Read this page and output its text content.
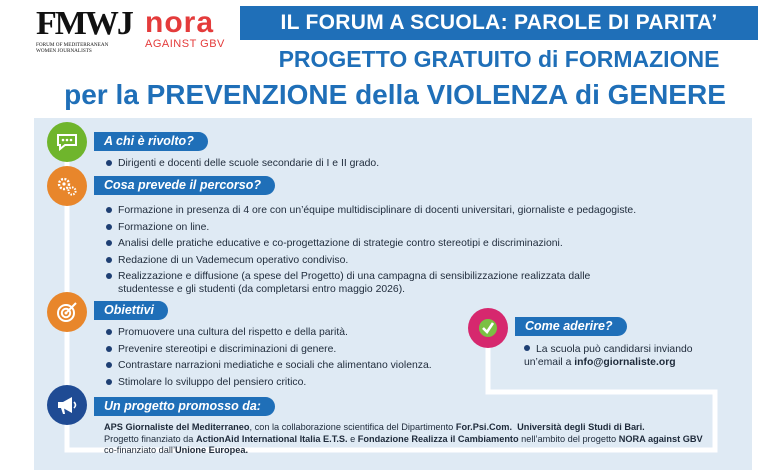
FMWJ
FORUM OF MEDITERRANEAN WOMEN JOURNALISTS
nora
AGAINST GBV
IL FORUM A SCUOLA: PAROLE DI PARITA’
PROGETTO GRATUITO di FORMAZIONE
per la PREVENZIONE della VIOLENZA di GENERE
A chi è rivolto?
Dirigenti e docenti delle scuole secondarie di I e II grado.
Cosa prevede il percorso?
Formazione in presenza di 4 ore con un’équipe multidisciplinare di docenti universitari, giornaliste e pedagogiste.
Formazione on line.
Analisi delle pratiche educative e co-progettazione di strategie contro stereotipi e discriminazioni.
Redazione di un Vademecum operativo condiviso.
Realizzazione e diffusione (a spese del Progetto) di una campagna di sensibilizzazione realizzata dalle studentesse e gli studenti (da completarsi entro maggio 2026).
Obiettivi
Promuovere una cultura del rispetto e della parità.
Prevenire stereotipi e discriminazioni di genere.
Contrastare narrazioni mediatiche e sociali che alimentano violenza.
Stimolare lo sviluppo del pensiero critico.
Come aderire?
La scuola può candidarsi inviando un’email a info@giornaliste.org
Un progetto promosso da:
APS Giornaliste del Mediterraneo, con la collaborazione scientifica del Dipartimento For.Psi.Com. Università degli Studi di Bari.
Progetto finanziato da ActionAid International Italia E.T.S. e Fondazione Realizza il Cambiamento nell’ambito del progetto NORA against GBV
co-finanziato dall’Unione Europea.
